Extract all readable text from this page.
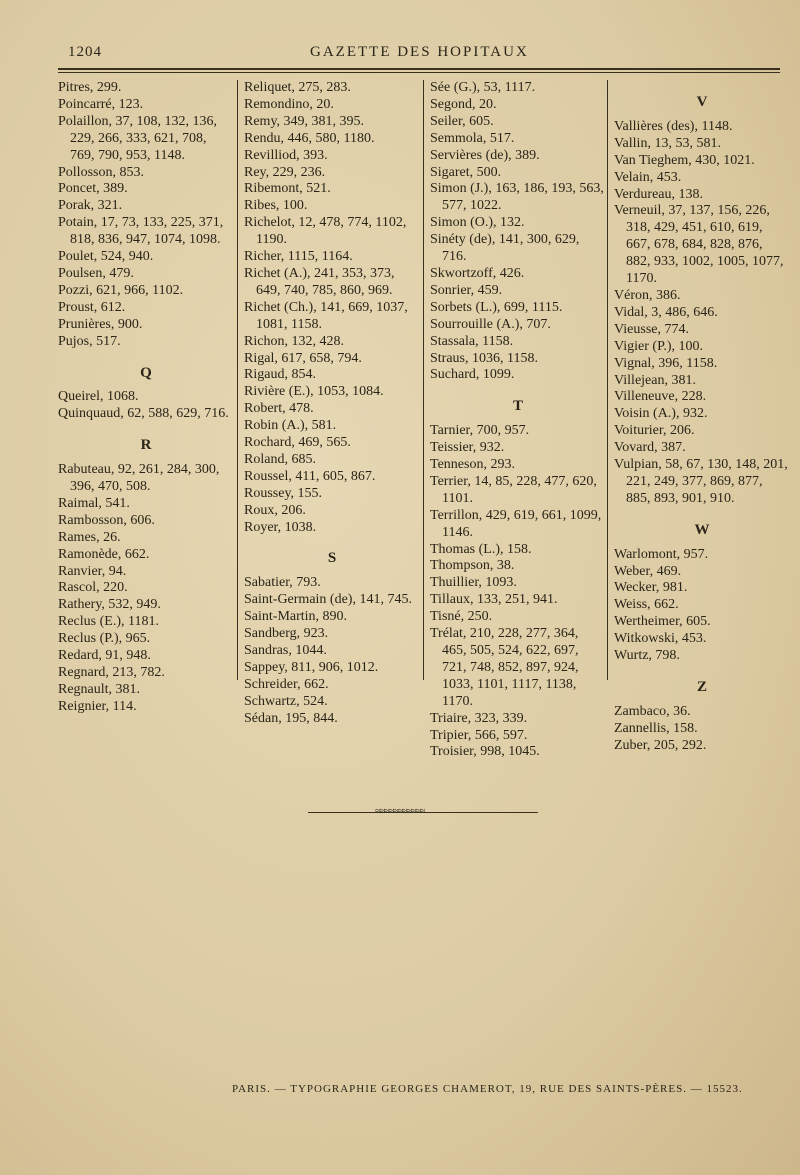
1204	GAZETTE DES HOPITAUX
Pitres, 299.
Poincarré, 123.
Polaillon, 37, 108, 132, 136, 229, 266, 333, 621, 708, 769, 790, 953, 1148.
Pollosson, 853.
Poncet, 389.
Porak, 321.
Potain, 17, 73, 133, 225, 371, 818, 836, 947, 1074, 1098.
Poulet, 524, 940.
Poulsen, 479.
Pozzi, 621, 966, 1102.
Proust, 612.
Prunières, 900.
Pujos, 517.
Q
Queirel, 1068.
Quinquaud, 62, 588, 629, 716.
R
Rabuteau, 92, 261, 284, 300, 396, 470, 508.
Raimal, 541.
Rambosson, 606.
Rames, 26.
Ramonède, 662.
Ranvier, 94.
Rascol, 220.
Rathery, 532, 949.
Reclus (E.), 1181.
Reclus (P.), 965.
Redard, 91, 948.
Regnard, 213, 782.
Regnault, 381.
Reignier, 114.
Reliquet, 275, 283.
Remondino, 20.
Remy, 349, 381, 395.
Rendu, 446, 580, 1180.
Revilliod, 393.
Rey, 229, 236.
Ribemont, 521.
Ribes, 100.
Richelot, 12, 478, 774, 1102, 1190.
Richer, 1115, 1164.
Richet (A.), 241, 353, 373, 649, 740, 785, 860, 969.
Richet (Ch.), 141, 669, 1037, 1081, 1158.
Richon, 132, 428.
Rigal, 617, 658, 794.
Rigaud, 854.
Rivière (E.), 1053, 1084.
Robert, 478.
Robin (A.), 581.
Rochard, 469, 565.
Roland, 685.
Roussel, 411, 605, 867.
Roussey, 155.
Roux, 206.
Royer, 1038.
S
Sabatier, 793.
Saint-Germain (de), 141, 745.
Saint-Martin, 890.
Sandberg, 923.
Sandras, 1044.
Sappey, 811, 906, 1012.
Schreider, 662.
Schwartz, 524.
Sédan, 195, 844.
Sée (G.), 53, 1117.
Segond, 20.
Seiler, 605.
Semmola, 517.
Servières (de), 389.
Sigaret, 500.
Simon (J.), 163, 186, 193, 563, 577, 1022.
Simon (O.), 132.
Sinéty (de), 141, 300, 629, 716.
Skwortzoff, 426.
Sonrier, 459.
Sorbets (L.), 699, 1115.
Sourrouille (A.), 707.
Stassala, 1158.
Straus, 1036, 1158.
Suchard, 1099.
T
Tarnier, 700, 957.
Teissier, 932.
Tenneson, 293.
Terrier, 14, 85, 228, 477, 620, 1101.
Terrillon, 429, 619, 661, 1099, 1146.
Thomas (L.), 158.
Thompson, 38.
Thuillier, 1093.
Tillaux, 133, 251, 941.
Tisné, 250.
Trélat, 210, 228, 277, 364, 465, 505, 524, 622, 697, 721, 748, 852, 897, 924, 1033, 1101, 1117, 1138, 1170.
Triaire, 323, 339.
Tripier, 566, 597.
Troisier, 998, 1045.
V
Vallières (des), 1148.
Vallin, 13, 53, 581.
Van Tieghem, 430, 1021.
Velain, 453.
Verdureau, 138.
Verneuil, 37, 137, 156, 226, 318, 429, 451, 610, 619, 667, 678, 684, 828, 876, 882, 933, 1002, 1005, 1077, 1170.
Véron, 386.
Vidal, 3, 486, 646.
Vieusse, 774.
Vigier (P.), 100.
Vignal, 396, 1158.
Villejean, 381.
Villeneuve, 228.
Voisin (A.), 932.
Voiturier, 206.
Vovard, 387.
Vulpian, 58, 67, 130, 148, 201, 221, 249, 377, 869, 877, 885, 893, 901, 910.
W
Warlomont, 957.
Weber, 469.
Wecker, 981.
Weiss, 662.
Wertheimer, 605.
Witkowski, 453.
Wurtz, 798.
Z
Zambaco, 36.
Zannellis, 158.
Zuber, 205, 292.
≈≈≈≈≈≈≈≈≈≈≈
PARIS. — TYPOGRAPHIE GEORGES CHAMEROT, 19, RUE DES SAINTS-PÈRES. — 15523.
